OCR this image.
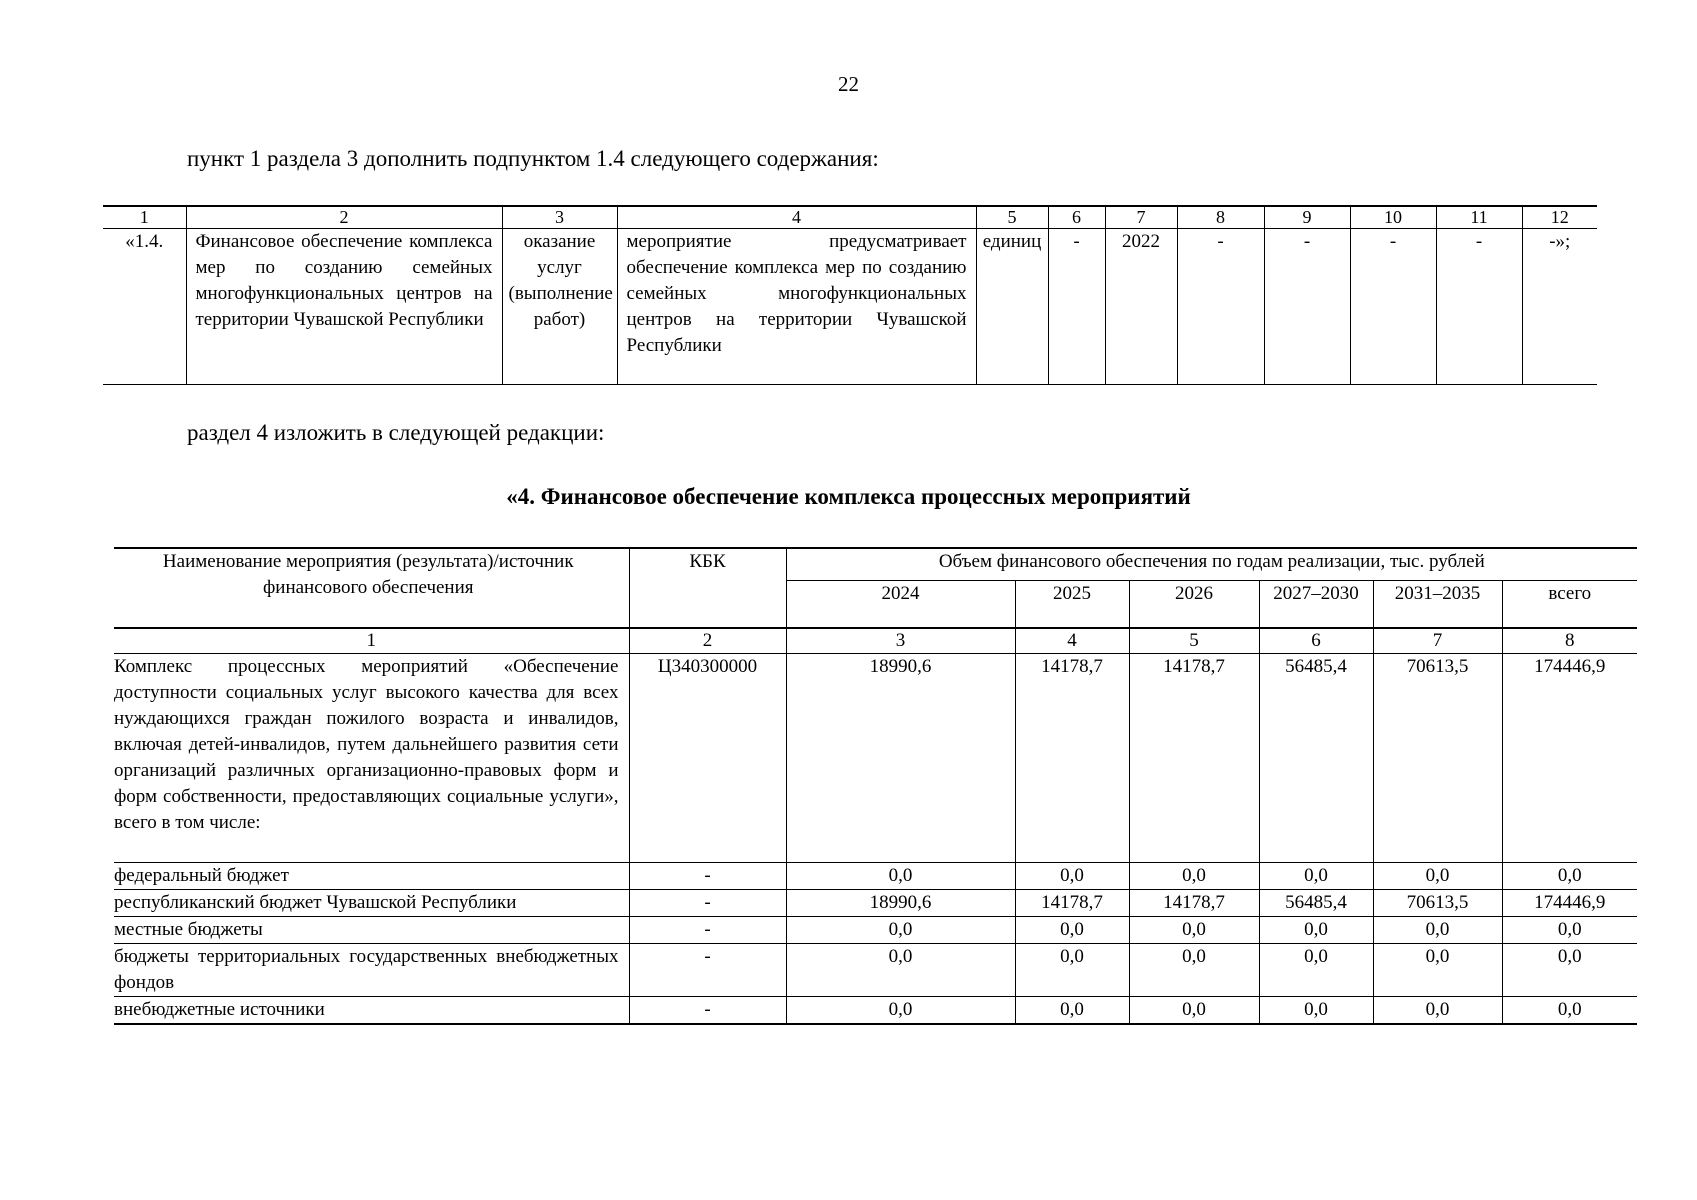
22
пункт 1 раздела 3 дополнить подпунктом 1.4 следующего содержания:
1	2	3	4	5	6	7	8	9	10	11	12
«1.4.	Финансовое обеспечение комплекса мер по созданию семейных многофункциональных центров на территории Чувашской Республики	оказание услуг (выполнение работ)	мероприятие предусматривает обеспечение комплекса мер по созданию семейных многофункциональных центров на территории Чувашской Республики	единиц	-	2022	-	-	-	-	-»;
раздел 4 изложить в следующей редакции:
«4. Финансовое обеспечение комплекса процессных мероприятий
Наименование мероприятия (результата)/источник финансового обеспечения	КБК	Объем финансового обеспечения по годам реализации, тыс. рублей					
		2024	2025	2026	2027–2030	2031–2035	всего
1	2	3	4	5	6	7	8
Комплекс процессных мероприятий «Обеспечение доступности социальных услуг высокого качества для всех нуждающихся граждан пожилого возраста и инвалидов, включая детей-инвалидов, путем дальнейшего развития сети организаций различных организационно-правовых форм и форм собственности, предоставляющих социальные услуги», всего в том числе:	Ц340300000	18990,6	14178,7	14178,7	56485,4	70613,5	174446,9
федеральный бюджет	-	0,0	0,0	0,0	0,0	0,0	0,0
республиканский бюджет Чувашской Республики	-	18990,6	14178,7	14178,7	56485,4	70613,5	174446,9
местные бюджеты	-	0,0	0,0	0,0	0,0	0,0	0,0
бюджеты территориальных государственных внебюджетных фондов	-	0,0	0,0	0,0	0,0	0,0	0,0
внебюджетные источники	-	0,0	0,0	0,0	0,0	0,0	0,0
